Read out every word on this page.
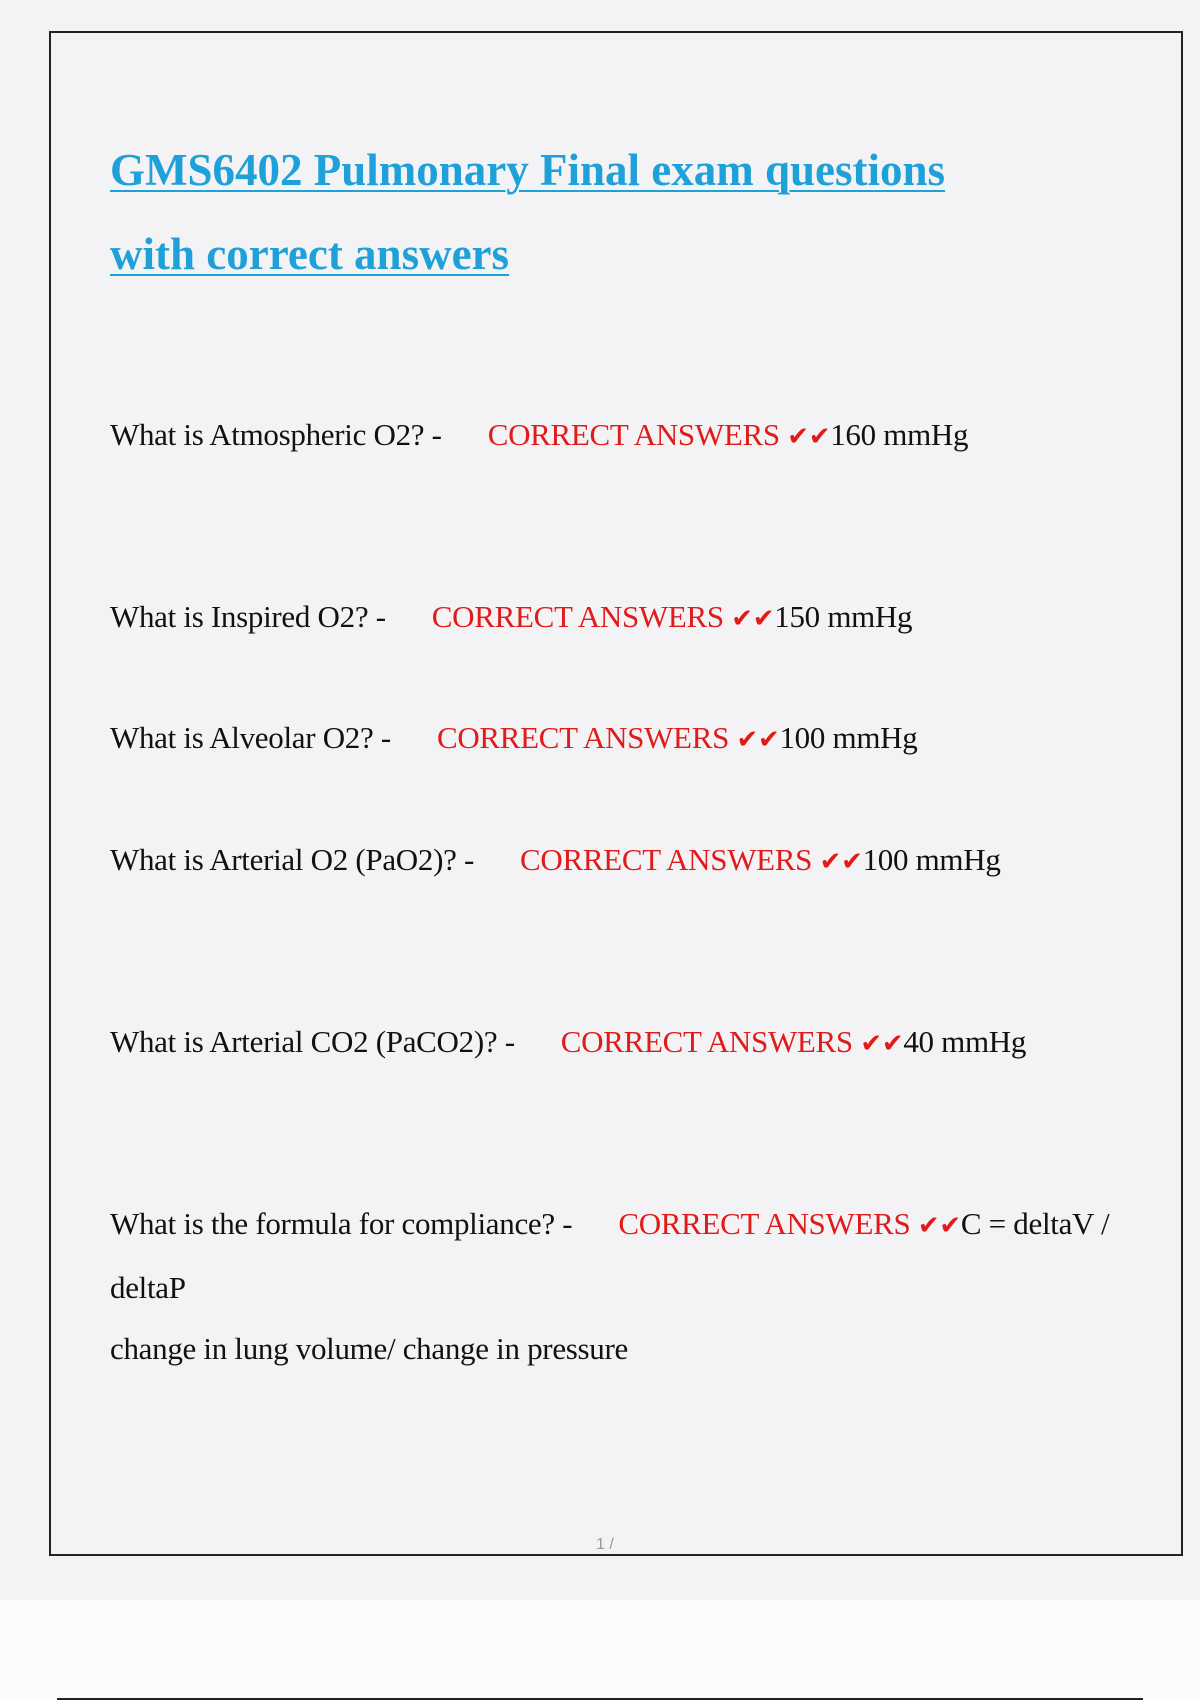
GMS6402 Pulmonary Final exam questions
with correct answers

What is Atmospheric O2? - CORRECT ANSWERS ✔✔160 mmHg

What is Inspired O2? - CORRECT ANSWERS ✔✔150 mmHg

What is Alveolar O2? - CORRECT ANSWERS ✔✔100 mmHg

What is Arterial O2 (PaO2)? - CORRECT ANSWERS ✔✔100 mmHg

What is Arterial CO2 (PaCO2)? - CORRECT ANSWERS ✔✔40 mmHg

What is the formula for compliance? - CORRECT ANSWERS ✔✔C = deltaV / deltaP
change in lung volume/ change in pressure

1 /
